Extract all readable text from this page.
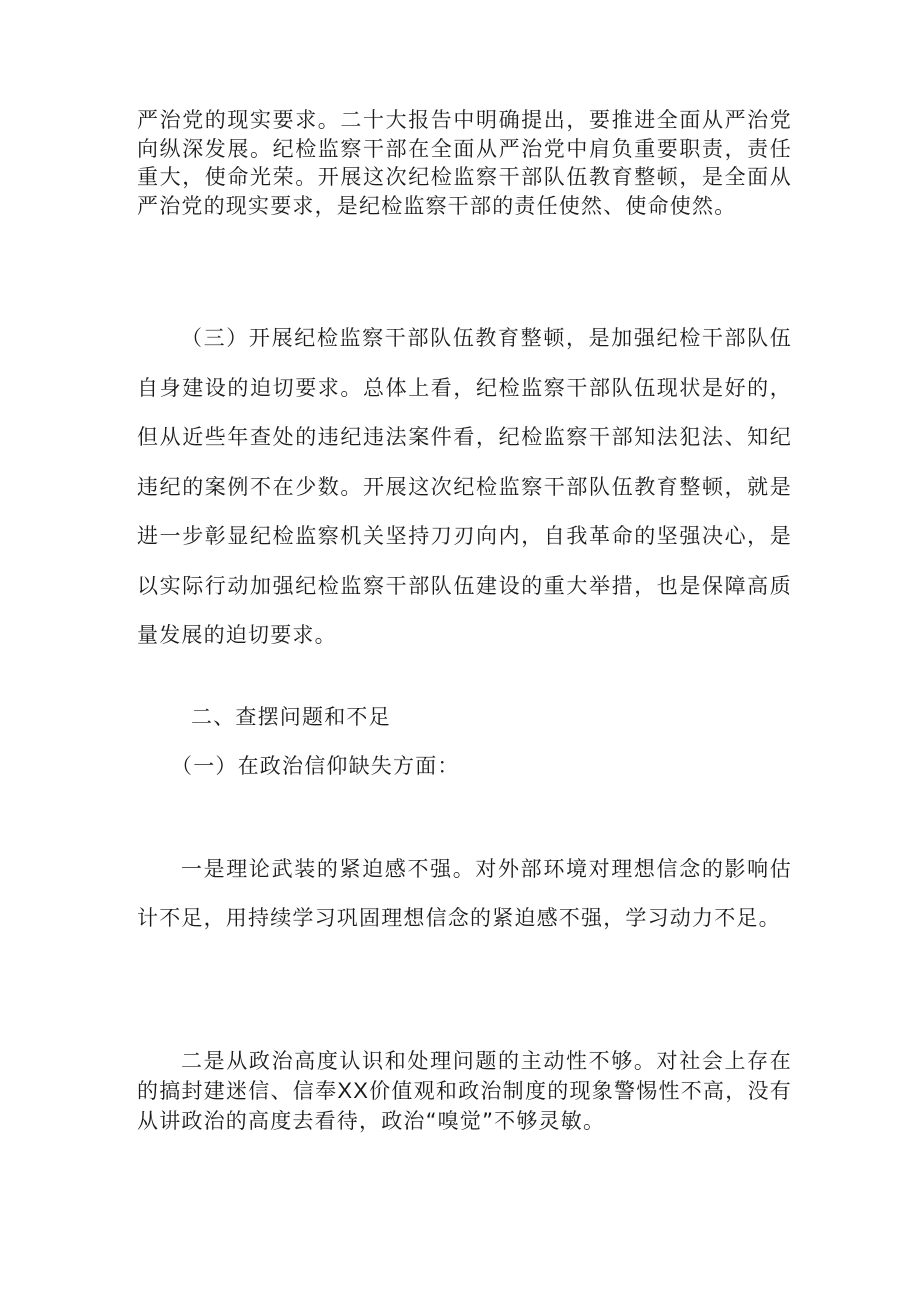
严治党的现实要求。二十大报告中明确提出，要推进全面从严治党向纵深发展。纪检监察干部在全面从严治党中肩负重要职责，责任重大，使命光荣。开展这次纪检监察干部队伍教育整顿，是全面从严治党的现实要求，是纪检监察干部的责任使然、使命使然。

（三）开展纪检监察干部队伍教育整顿，是加强纪检干部队伍自身建设的迫切要求。总体上看，纪检监察干部队伍现状是好的，但从近些年查处的违纪违法案件看，纪检监察干部知法犯法、知纪违纪的案例不在少数。开展这次纪检监察干部队伍教育整顿，就是进一步彰显纪检监察机关坚持刀刃向内，自我革命的坚强决心，是以实际行动加强纪检监察干部队伍建设的重大举措，也是保障高质量发展的迫切要求。

二、查摆问题和不足

（一）在政治信仰缺失方面：

一是理论武装的紧迫感不强。对外部环境对理想信念的影响估计不足，用持续学习巩固理想信念的紧迫感不强，学习动力不足。

二是从政治高度认识和处理问题的主动性不够。对社会上存在的搞封建迷信、信奉XX价值观和政治制度的现象警惕性不高，没有从讲政治的高度去看待，政治“嗅觉”不够灵敏。
